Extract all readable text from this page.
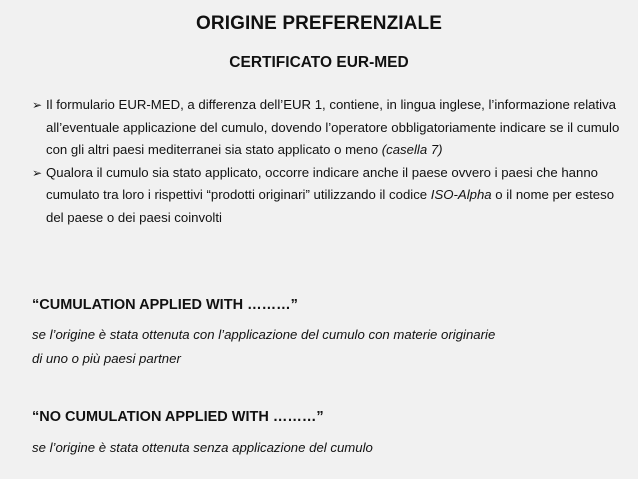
ORIGINE PREFERENZIALE
CERTIFICATO EUR-MED
➢ Il formulario EUR-MED, a differenza dell’EUR 1, contiene, in lingua inglese, l’informazione relativa all’eventuale applicazione del cumulo, dovendo l’operatore obbligatoriamente indicare se il cumulo con gli altri paesi mediterranei sia stato applicato o meno (casella 7)
➢ Qualora il cumulo sia stato applicato, occorre indicare anche il paese ovvero i paesi che hanno cumulato tra loro i rispettivi “prodotti originari” utilizzando il codice ISO-Alpha o il nome per esteso del paese o dei paesi coinvolti
“CUMULATION APPLIED WITH ………”
se l’origine è stata ottenuta con l’applicazione del cumulo con materie originarie
di uno o più paesi partner
“NO CUMULATION APPLIED WITH ………”
se l’origine è stata ottenuta senza applicazione del cumulo
